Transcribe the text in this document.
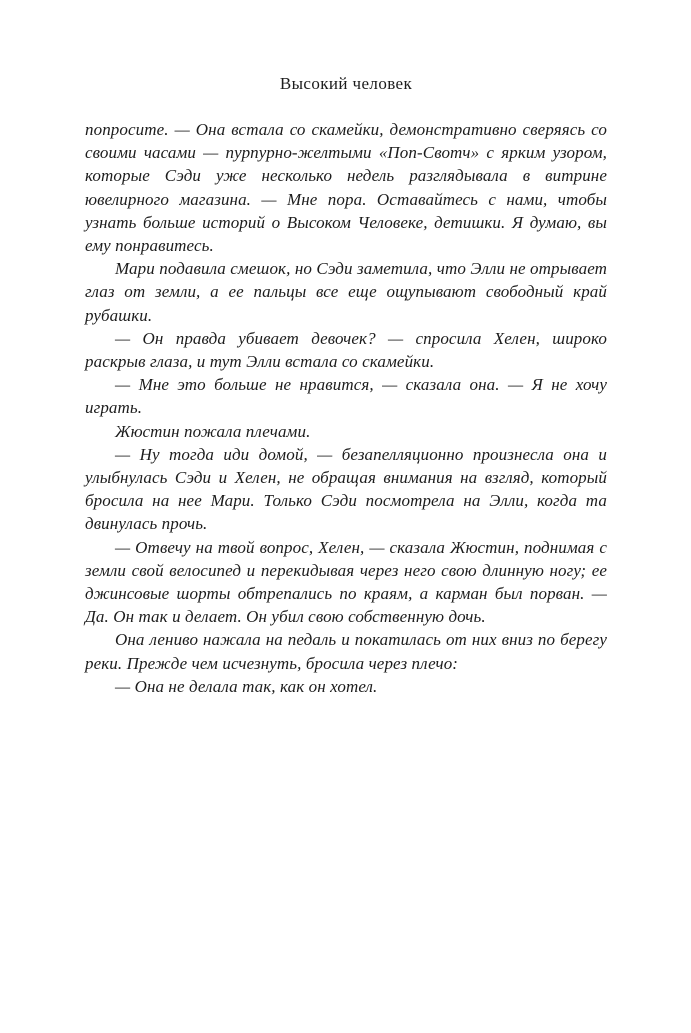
Высокий человек

попросите. — Она встала со скамейки, демонстративно сверяясь со своими часами — пурпурно-желтыми «Поп-Свотч» с ярким узором, которые Сэди уже несколько недель разглядывала в витрине ювелирного магазина. — Мне пора. Оставайтесь с нами, чтобы узнать больше историй о Высоком Человеке, детишки. Я думаю, вы ему понравитесь.

Мари подавила смешок, но Сэди заметила, что Элли не отрывает глаз от земли, а ее пальцы все еще ощупывают свободный край рубашки.

— Он правда убивает девочек? — спросила Хелен, широко раскрыв глаза, и тут Элли встала со скамейки.

— Мне это больше не нравится, — сказала она. — Я не хочу играть.

Жюстин пожала плечами.

— Ну тогда иди домой, — безапелляционно произнесла она и улыбнулась Сэди и Хелен, не обращая внимания на взгляд, который бросила на нее Мари. Только Сэди посмотрела на Элли, когда та двинулась прочь.

— Отвечу на твой вопрос, Хелен, — сказала Жюстин, поднимая с земли свой велосипед и перекидывая через него свою длинную ногу; ее джинсовые шорты обтрепались по краям, а карман был порван. — Да. Он так и делает. Он убил свою собственную дочь.

Она лениво нажала на педаль и покатилась от них вниз по берегу реки. Прежде чем исчезнуть, бросила через плечо:

— Она не делала так, как он хотел.
